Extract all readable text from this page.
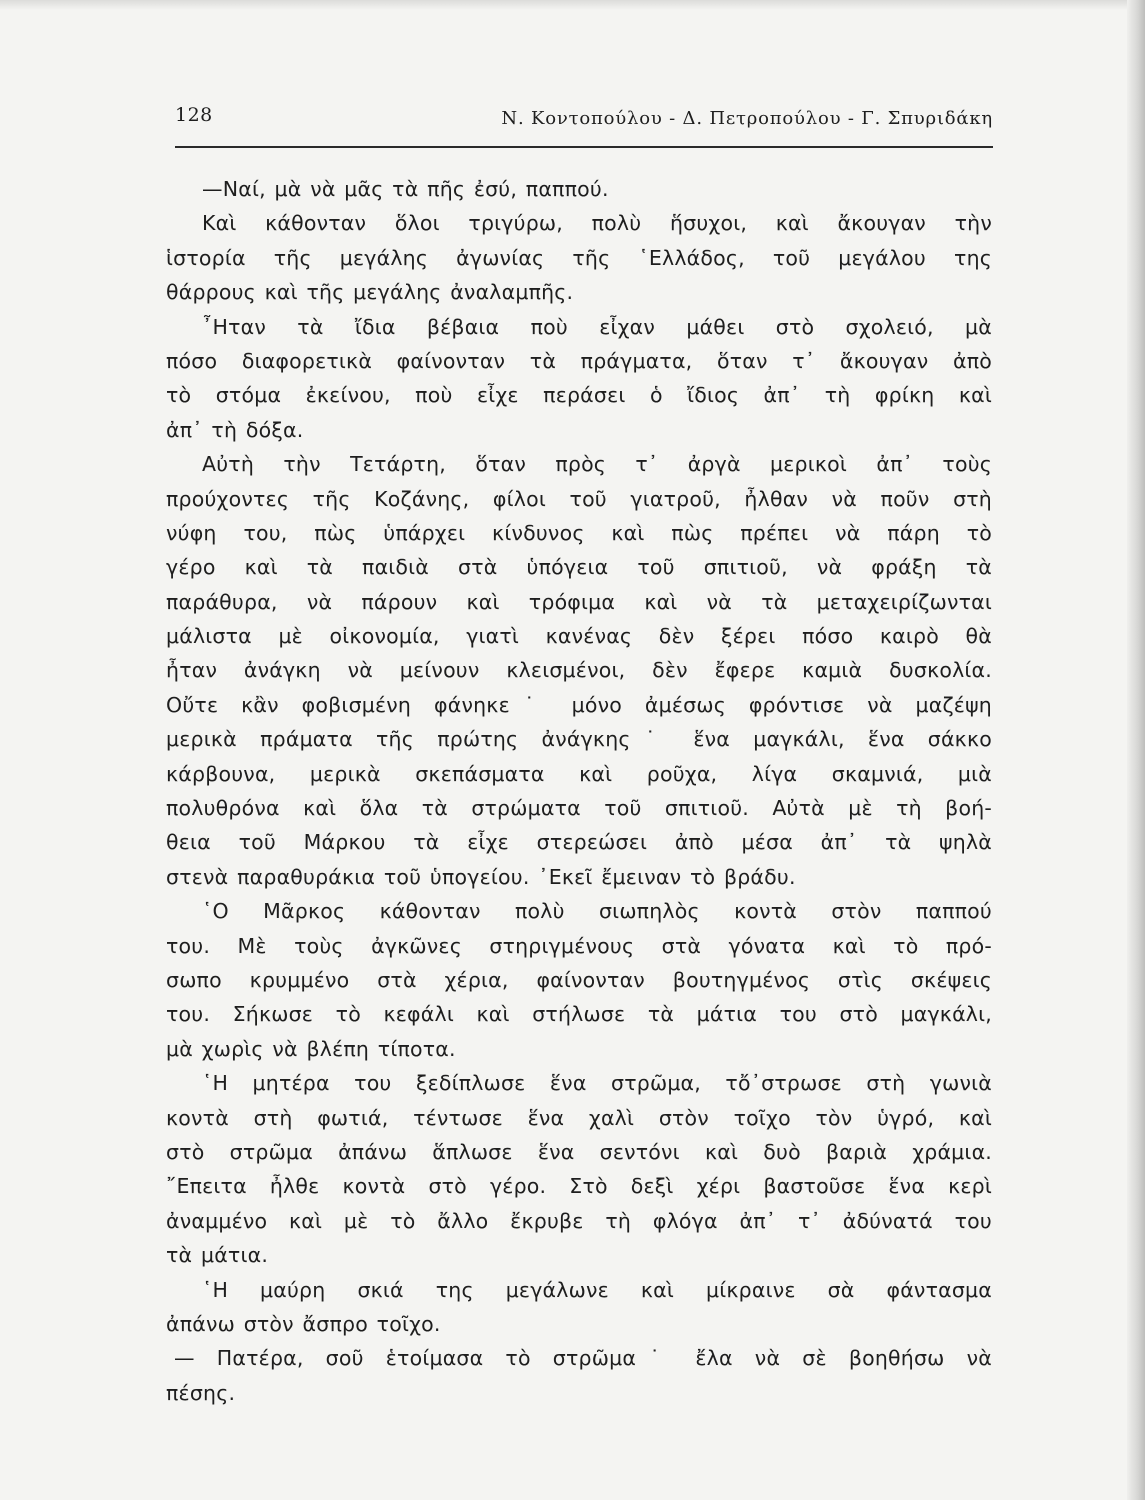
128	Ν. Κοντοπούλου - Δ. Πετροπούλου - Γ. Σπυριδάκη
—Ναί, μὰ νὰ μᾶς τὰ πῆς ἐσύ, παππού.
Καὶ κάθονταν ὅλοι τριγύρω, πολὺ ἥσυχοι, καὶ ἄκουγαν τὴν
ἱστορία τῆς μεγάλης ἀγωνίας τῆς ῾Ελλάδος, τοῦ μεγάλου της
θάρρους καὶ τῆς μεγάλης ἀναλαμπῆς.
῏Ηταν τὰ ἴδια βέβαια ποὺ εἶχαν μάθει στὸ σχολειό, μὰ
πόσο διαφορετικὰ φαίνονταν τὰ πράγματα, ὅταν τ᾽ ἄκουγαν ἀπὸ
τὸ στόμα ἐκείνου, ποὺ εἶχε περάσει ὁ ἴδιος ἀπ᾽ τὴ φρίκη καὶ
ἀπ᾽ τὴ δόξα.
Αὐτὴ τὴν Τετάρτη, ὅταν πρὸς τ᾽ ἀργὰ μερικοὶ ἀπ᾽ τοὺς
προύχοντες τῆς Κοζάνης, φίλοι τοῦ γιατροῦ, ἦλθαν νὰ ποῦν στὴ
νύφη του, πὼς ὑπάρχει κίνδυνος καὶ πὼς πρέπει νὰ πάρη τὸ
γέρο καὶ τὰ παιδιὰ στὰ ὑπόγεια τοῦ σπιτιοῦ, νὰ φράξη τὰ
παράθυρα, νὰ πάρουν καὶ τρόφιμα καὶ νὰ τὰ μεταχειρίζωνται
μάλιστα μὲ οἰκονομία, γιατὶ κανένας δὲν ξέρει πόσο καιρὸ θὰ
ἦταν ἀνάγκη νὰ μείνουν κλεισμένοι, δὲν ἔφερε καμιὰ δυσκολία.
Οὔτε κἂν φοβισμένη φάνηκε˙ μόνο ἀμέσως φρόντισε νὰ μαζέψη
μερικὰ πράματα τῆς πρώτης ἀνάγκης˙ ἕνα μαγκάλι, ἕνα σάκκο
κάρβουνα, μερικὰ σκεπάσματα καὶ ροῦχα, λίγα σκαμνιά, μιὰ
πολυθρόνα καὶ ὅλα τὰ στρώματα τοῦ σπιτιοῦ. Αὐτὰ μὲ τὴ βοή-
θεια τοῦ Μάρκου τὰ εἶχε στερεώσει ἀπὸ μέσα ἀπ᾽ τὰ ψηλὰ
στενὰ παραθυράκια τοῦ ὑπογείου. ᾽Εκεῖ ἔμειναν τὸ βράδυ.
῾Ο Μᾶρκος κάθονταν πολὺ σιωπηλὸς κοντὰ στὸν παππού
του. Μὲ τοὺς ἀγκῶνες στηριγμένους στὰ γόνατα καὶ τὸ πρό-
σωπο κρυμμένο στὰ χέρια, φαίνονταν βουτηγμένος στὶς σκέψεις
του. Σήκωσε τὸ κεφάλι καὶ στήλωσε τὰ μάτια του στὸ μαγκάλι,
μὰ χωρὶς νὰ βλέπη τίποτα.
῾Η μητέρα του ξεδίπλωσε ἕνα στρῶμα, τὄ᾽στρωσε στὴ γωνιὰ
κοντὰ στὴ φωτιά, τέντωσε ἕνα χαλὶ στὸν τοῖχο τὸν ὑγρό, καὶ
στὸ στρῶμα ἀπάνω ἅπλωσε ἕνα σεντόνι καὶ δυὸ βαριὰ χράμια.
῎Επειτα ἦλθε κοντὰ στὸ γέρο. Στὸ δεξὶ χέρι βαστοῦσε ἕνα κερὶ
ἀναμμένο καὶ μὲ τὸ ἄλλο ἔκρυβε τὴ φλόγα ἀπ᾽ τ᾽ ἀδύνατά του
τὰ μάτια.
῾Η μαύρη σκιά της μεγάλωνε καὶ μίκραινε σὰ φάντασμα
ἀπάνω στὸν ἄσπρο τοῖχο.
— Πατέρα, σοῦ ἑτοίμασα τὸ στρῶμα˙ ἔλα νὰ σὲ βοηθήσω νὰ
πέσης.
